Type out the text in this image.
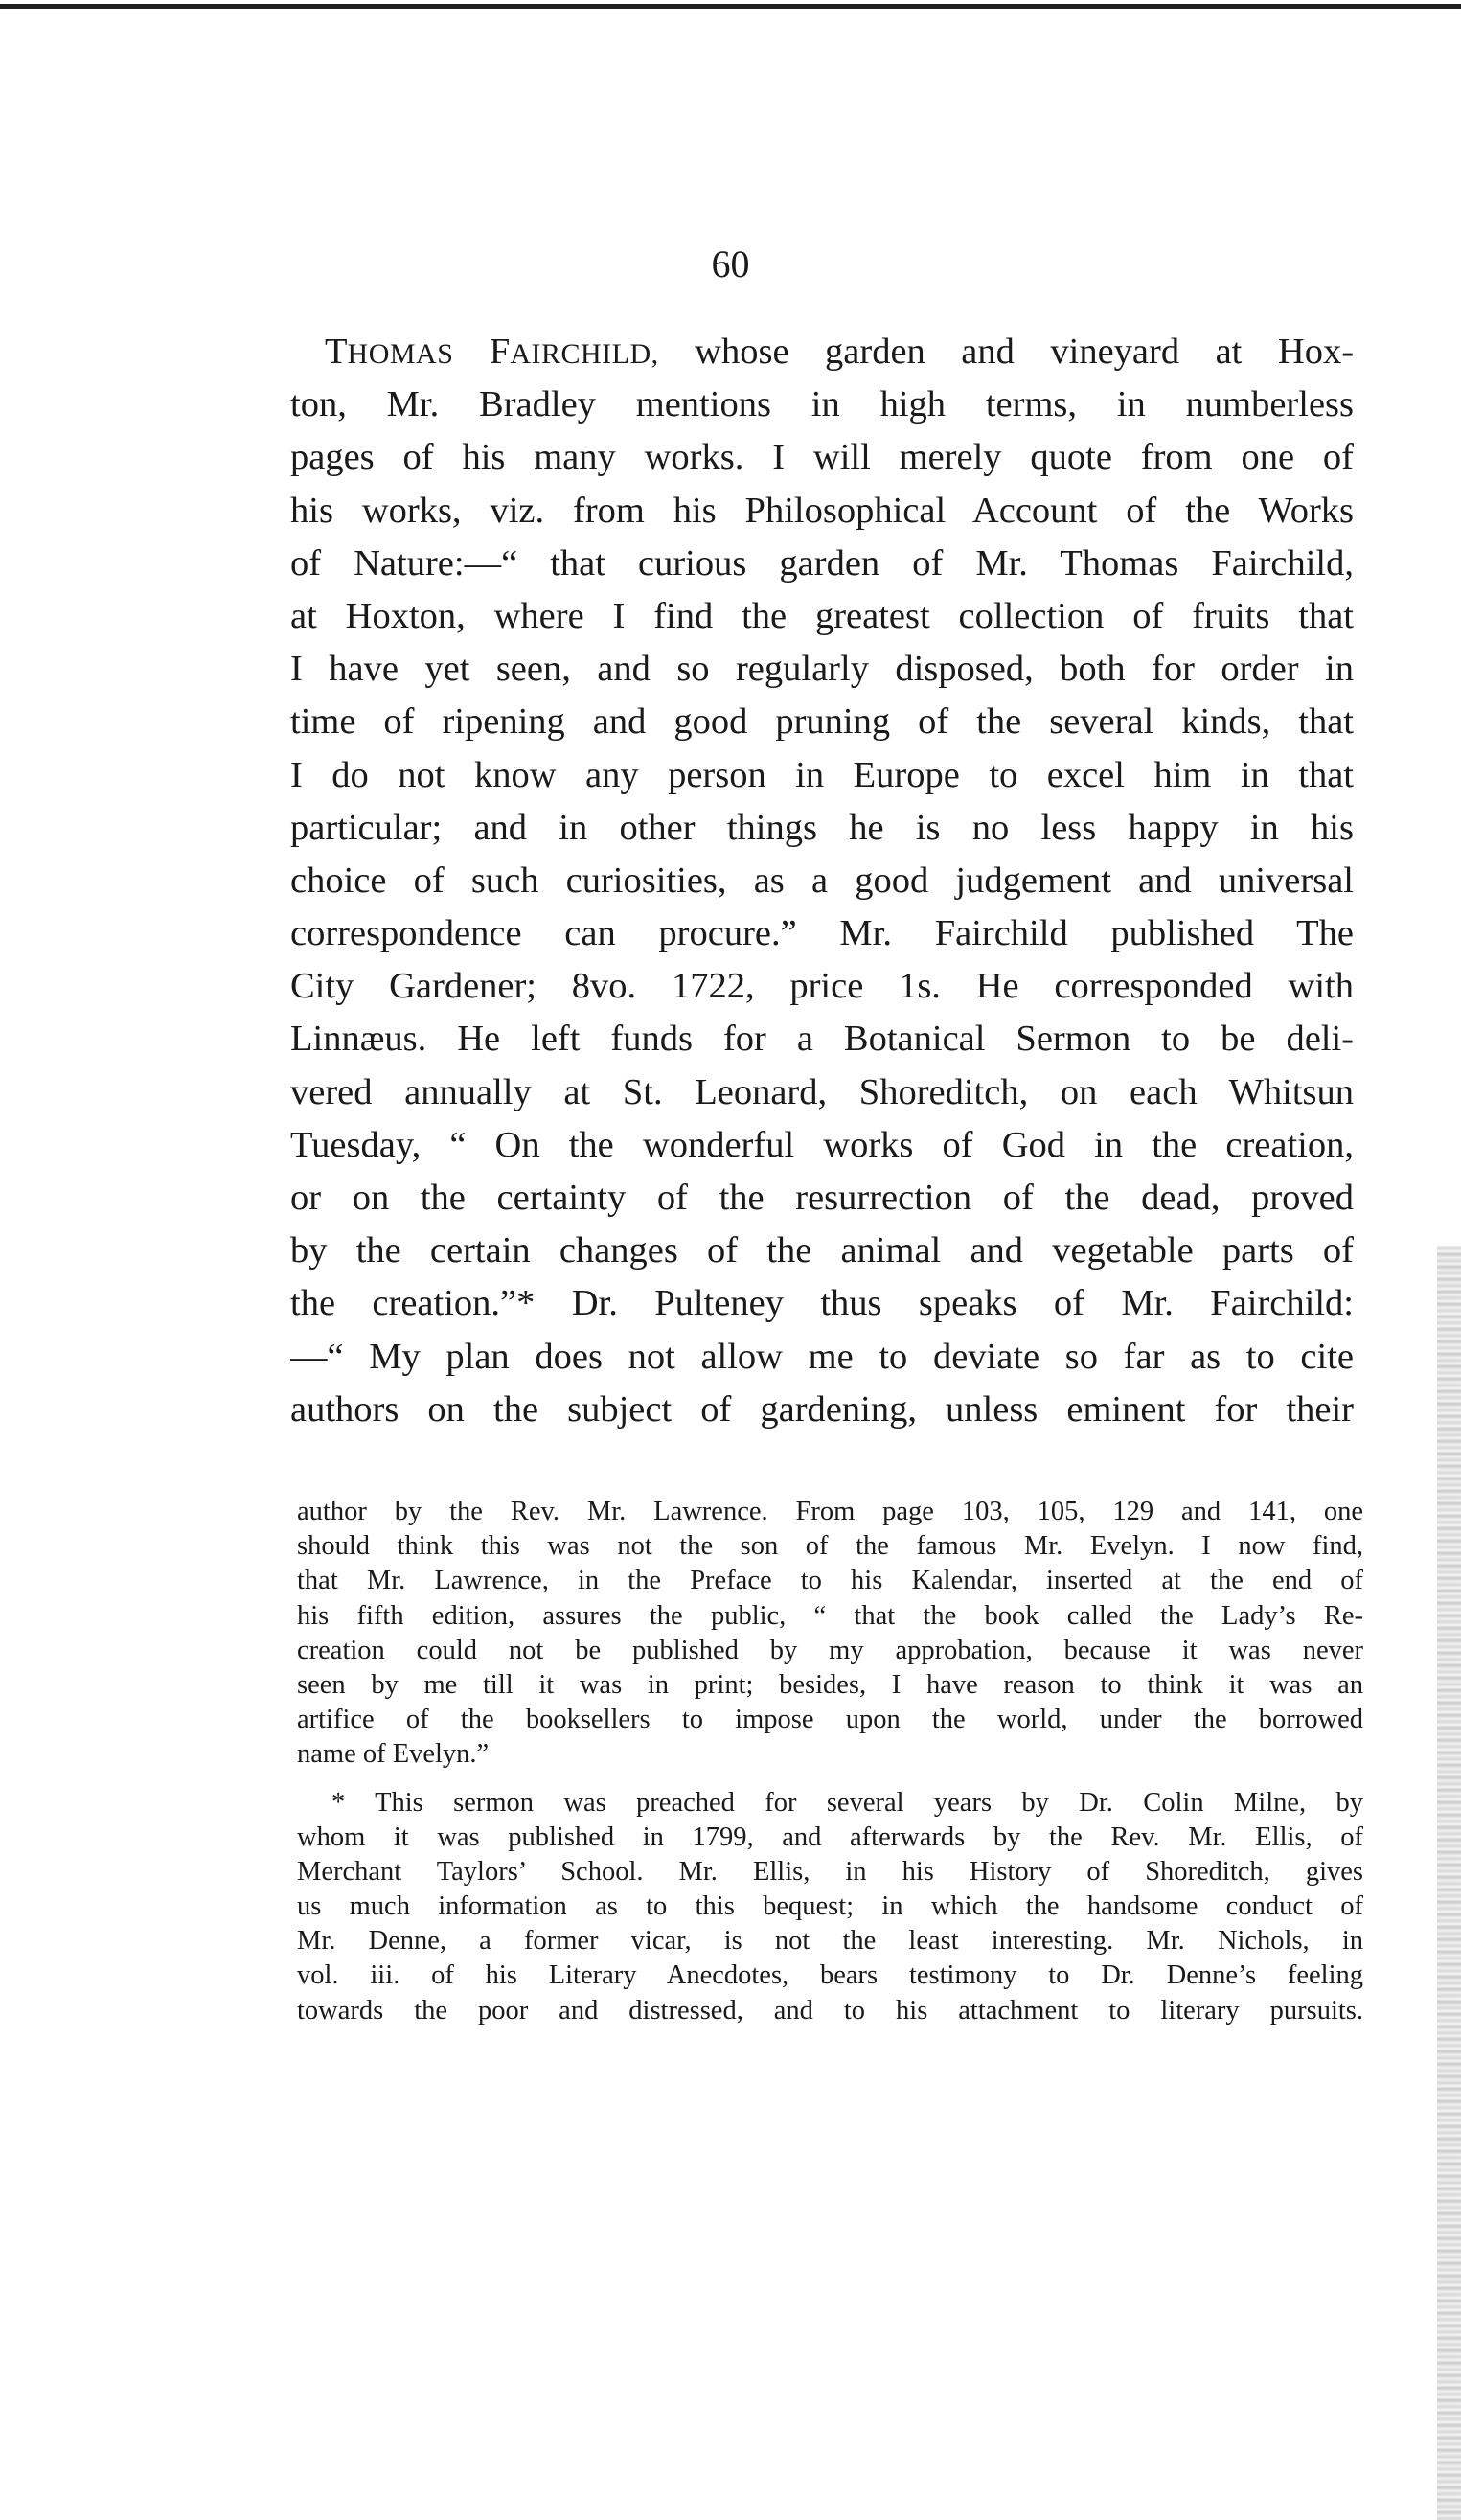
60
THOMAS FAIRCHILD, whose garden and vineyard at Hox-
ton, Mr. Bradley mentions in high terms, in numberless
pages of his many works. I will merely quote from one of
his works, viz. from his Philosophical Account of the Works
of Nature:—“ that curious garden of Mr. Thomas Fairchild,
at Hoxton, where I find the greatest collection of fruits that
I have yet seen, and so regularly disposed, both for order in
time of ripening and good pruning of the several kinds, that
I do not know any person in Europe to excel him in that
particular; and in other things he is no less happy in his
choice of such curiosities, as a good judgement and universal
correspondence can procure.” Mr. Fairchild published The
City Gardener; 8vo. 1722, price 1s. He corresponded with
Linnæus. He left funds for a Botanical Sermon to be deli-
vered annually at St. Leonard, Shoreditch, on each Whitsun
Tuesday, “ On the wonderful works of God in the creation,
or on the certainty of the resurrection of the dead, proved
by the certain changes of the animal and vegetable parts of
the creation.”* Dr. Pulteney thus speaks of Mr. Fairchild:
—“ My plan does not allow me to deviate so far as to cite
authors on the subject of gardening, unless eminent for their
author by the Rev. Mr. Lawrence. From page 103, 105, 129 and 141, one
should think this was not the son of the famous Mr. Evelyn. I now find,
that Mr. Lawrence, in the Preface to his Kalendar, inserted at the end of
his fifth edition, assures the public, “ that the book called the Lady’s Re-
creation could not be published by my approbation, because it was never
seen by me till it was in print; besides, I have reason to think it was an
artifice of the booksellers to impose upon the world, under the borrowed
name of Evelyn.”
* This sermon was preached for several years by Dr. Colin Milne, by
whom it was published in 1799, and afterwards by the Rev. Mr. Ellis, of
Merchant Taylors’ School. Mr. Ellis, in his History of Shoreditch, gives
us much information as to this bequest; in which the handsome conduct of
Mr. Denne, a former vicar, is not the least interesting. Mr. Nichols, in
vol. iii. of his Literary Anecdotes, bears testimony to Dr. Denne’s feeling
towards the poor and distressed, and to his attachment to literary pursuits.
